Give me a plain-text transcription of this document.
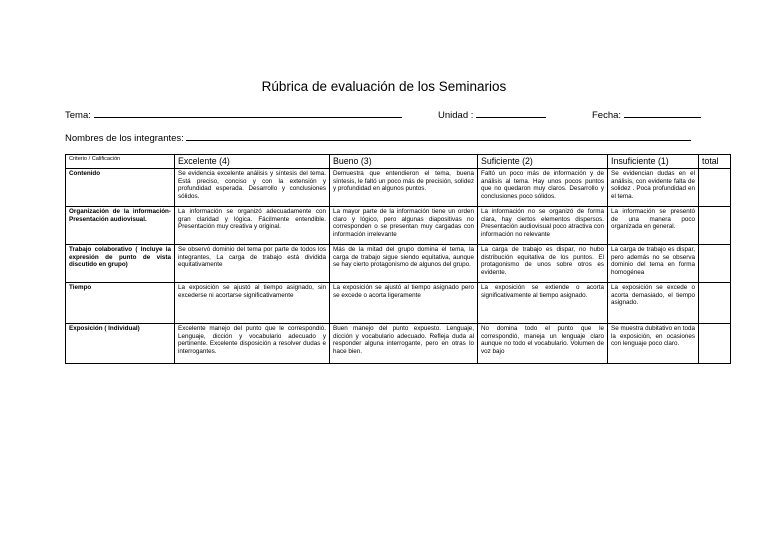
Rúbrica de evaluación de los Seminarios
Tema:	Unidad :	Fecha:
Nombres de los integrantes:
Criterio / Calificación	Excelente (4)	Bueno (3)	Suficiente (2)	Insuficiente (1)	total
Contenido	Se evidencia excelente análisis y síntesis del tema. Está preciso, conciso y con la extensión y profundidad esperada. Desarrollo y conclusiones sólidos.	Demuestra que entendieron el tema, buena síntesis, le faltó un poco más de precisión, solidez y profundidad en algunos puntos.	Faltó un poco más de información y de análisis al tema. Hay unos pocos puntos que no quedaron muy claros. Desarrollo y conclusiones poco sólidos.	Se evidencian dudas en el análisis, con evidente falta de solidez . Poca profundidad en el tema.	
Organización de la información- Presentación audiovisual.	La información se organizó adecuadamente con gran claridad y lógica. Fácilmente entendible. Presentación muy creativa y original.	La mayor parte de la información tiene un orden claro y lógico, pero algunas diapositivas no corresponden o se presentan muy cargadas con información irrelevante	La información no se organizó de forma clara, hay ciertos elementos dispersos. Presentación audiovisual poco atractiva con información no relevante	La información se presentó de una manera poco organizada en general.	
Trabajo colaborativo ( Incluye la expresión de punto de vista discutido en grupo)	Se observó dominio del tema por parte de todos los integrantes, La carga de trabajo está dividida equitativamente	Más de la mitad del grupo domina el tema, la carga de trabajo sigue siendo equitativa, aunque se hay cierto protagonismo de algunos del grupo.	La carga de trabajo es dispar, no hubo distribución equitativa de los puntos. El protagonismo de unos sobre otros es evidente.	La carga de trabajo es dispar, pero además no se observa dominio del tema en forma homogénea	
Tiempo	La exposición se ajustó al tiempo asignado, sin excederse ni acortarse significativamente	La exposición se ajustó al tiempo asignado pero se excede o acorta ligeramente	La exposición se extiende o acorta significativamente al tiempo asignado.	La exposición se excede o acorta demasiado, el tiempo asignado.	
Exposición ( Individual)	Excelente manejo del punto que le correspondió. Lenguaje, dicción y vocabulario adecuado y pertinente. Excelente disposición a resolver dudas e interrogantes.	Buen manejo del punto expuesto. Lenguaje, dicción y vocabulario adecuado. Refleja duda al responder alguna interrogante, pero en otras lo hace bien.	No domina todo el punto que le correspondió, maneja un lenguaje claro aunque no todo el vocabulario. Volumen de voz bajo	Se muestra dubitativo en toda la exposición, en ocasiones con lenguaje poco claro.	
